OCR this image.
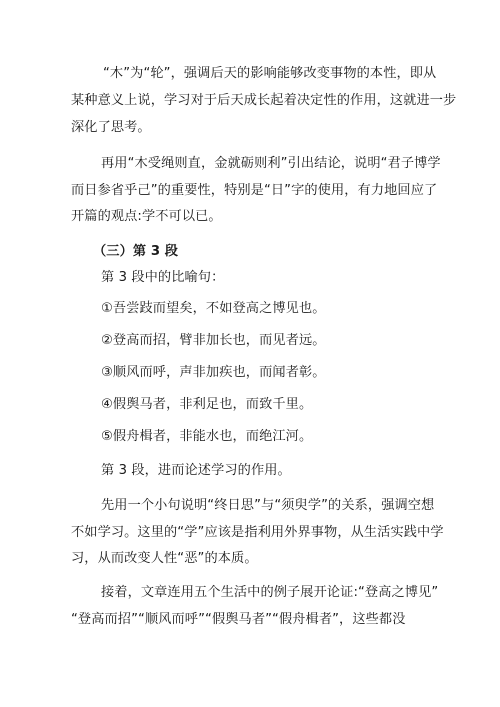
“木”为“轮”，强调后天的影响能够改变事物的本性，即从
某种意义上说，学习对于后天成长起着决定性的作用，这就进一步
深化了思考。
再用“木受绳则直，金就砺则利”引出结论，说明“君子博学
而日参省乎己”的重要性，特别是“日”字的使用，有力地回应了
开篇的观点:学不可以已。
（三）第 3 段
第 3 段中的比喻句：
①吾尝跂而望矣，不如登高之博见也。
②登高而招，臂非加长也，而见者远。
③顺风而呼，声非加疾也，而闻者彰。
④假舆马者，非利足也，而致千里。
⑤假舟楫者，非能水也，而绝江河。
第 3 段，进而论述学习的作用。
先用一个小句说明“终日思”与“须臾学”的关系，强调空想
不如学习。这里的“学”应该是指利用外界事物，从生活实践中学
习，从而改变人性“恶”的本质。
接着，文章连用五个生活中的例子展开论证:“登高之博见”
“登高而招”“顺风而呼”“假舆马者”“假舟楫者”，这些都没
